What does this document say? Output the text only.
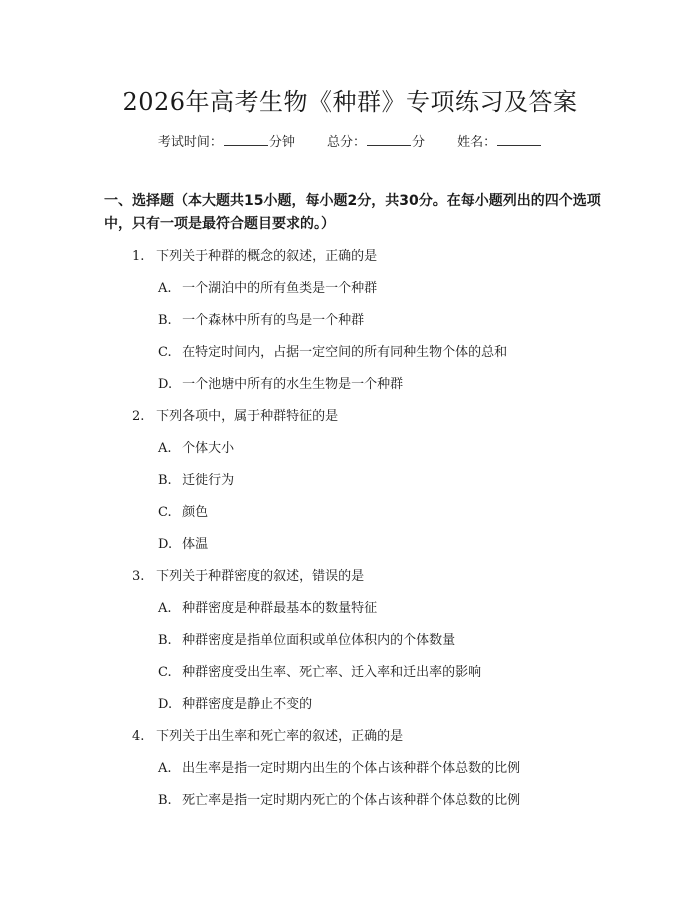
2026年高考生物《种群》专项练习及答案
考试时间：	分钟 总分：	分 姓名：
一、选择题（本大题共15小题，每小题2分，共30分。在每小题列出的四个选项中，只有一项是最符合题目要求的。）
1. 下列关于种群的概念的叙述，正确的是
A. 一个湖泊中的所有鱼类是一个种群
B. 一个森林中所有的鸟是一个种群
C. 在特定时间内，占据一定空间的所有同种生物个体的总和
D. 一个池塘中所有的水生生物是一个种群
2. 下列各项中，属于种群特征的是
A. 个体大小
B. 迁徙行为
C. 颜色
D. 体温
3. 下列关于种群密度的叙述，错误的是
A. 种群密度是种群最基本的数量特征
B. 种群密度是指单位面积或单位体积内的个体数量
C. 种群密度受出生率、死亡率、迁入率和迁出率的影响
D. 种群密度是静止不变的
4. 下列关于出生率和死亡率的叙述，正确的是
A. 出生率是指一定时期内出生的个体占该种群个体总数的比例
B. 死亡率是指一定时期内死亡的个体占该种群个体总数的比例
